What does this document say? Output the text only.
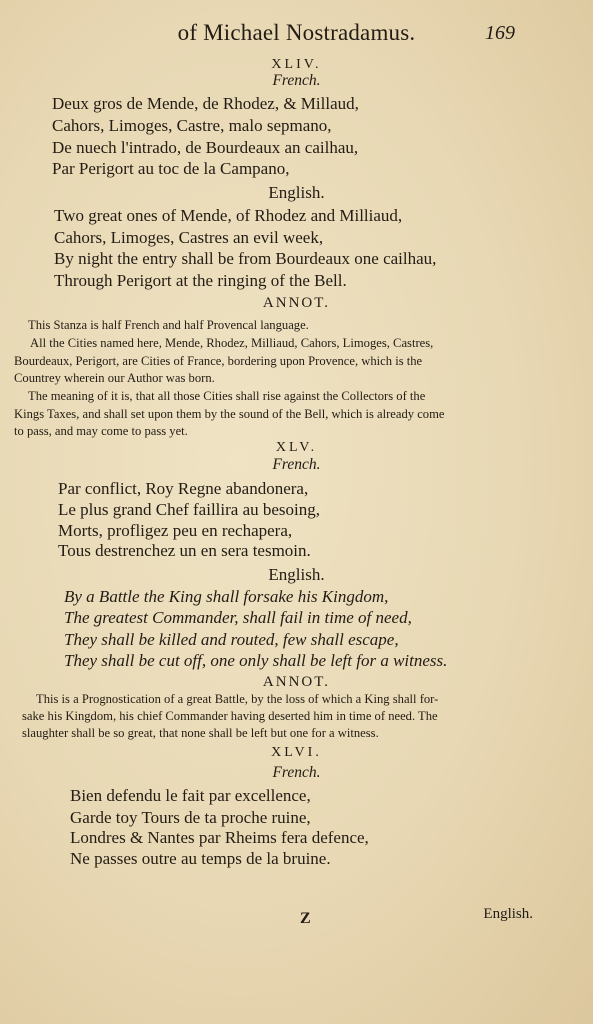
of Michael Nostradamus.	169
XLIV.
French.
Deux gros de Mende, de Rhodez, & Millaud,
Cahors, Limoges, Castre, malo sepmano,
De nuech l'intrado, de Bourdeaux an cailhau,
Par Perigort au toc de la Campano,
English.
Two great ones of Mende, of Rhodez and Milliaud,
Cahors, Limoges, Castres an evil week,
By night the entry shall be from Bourdeaux one cailhau,
Through Perigort at the ringing of the Bell.
ANNOT.
This Stanza is half French and half Provencal language.
All the Cities named here, Mende, Rhodez, Milliaud, Cahors, Limoges, Castres,
Bourdeaux, Perigort, are Cities of France, bordering upon Provence, which is the
Countrey wherein our Author was born.
The meaning of it is, that all those Cities shall rise against the Collectors of the
Kings Taxes, and shall set upon them by the sound of the Bell, which is already come
to pass, and may come to pass yet.
XLV.
French.
Par conflict, Roy Regne abandonera,
Le plus grand Chef faillira au besoing,
Morts, profligez peu en rechapera,
Tous destrenchez un en sera tesmoin.
English.
By a Battle the King shall forsake his Kingdom,
The greatest Commander, shall fail in time of need,
They shall be killed and routed, few shall escape,
They shall be cut off, one only shall be left for a witness.
ANNOT.
This is a Prognostication of a great Battle, by the loss of which a King shall for-
sake his Kingdom, his chief Commander having deserted him in time of need. The
slaughter shall be so great, that none shall be left but one for a witness.
XLVI.
French.
Bien defendu le fait par excellence,
Garde toy Tours de ta proche ruine,
Londres & Nantes par Rheims fera defence,
Ne passes outre au temps de la bruine.
Z	English.
